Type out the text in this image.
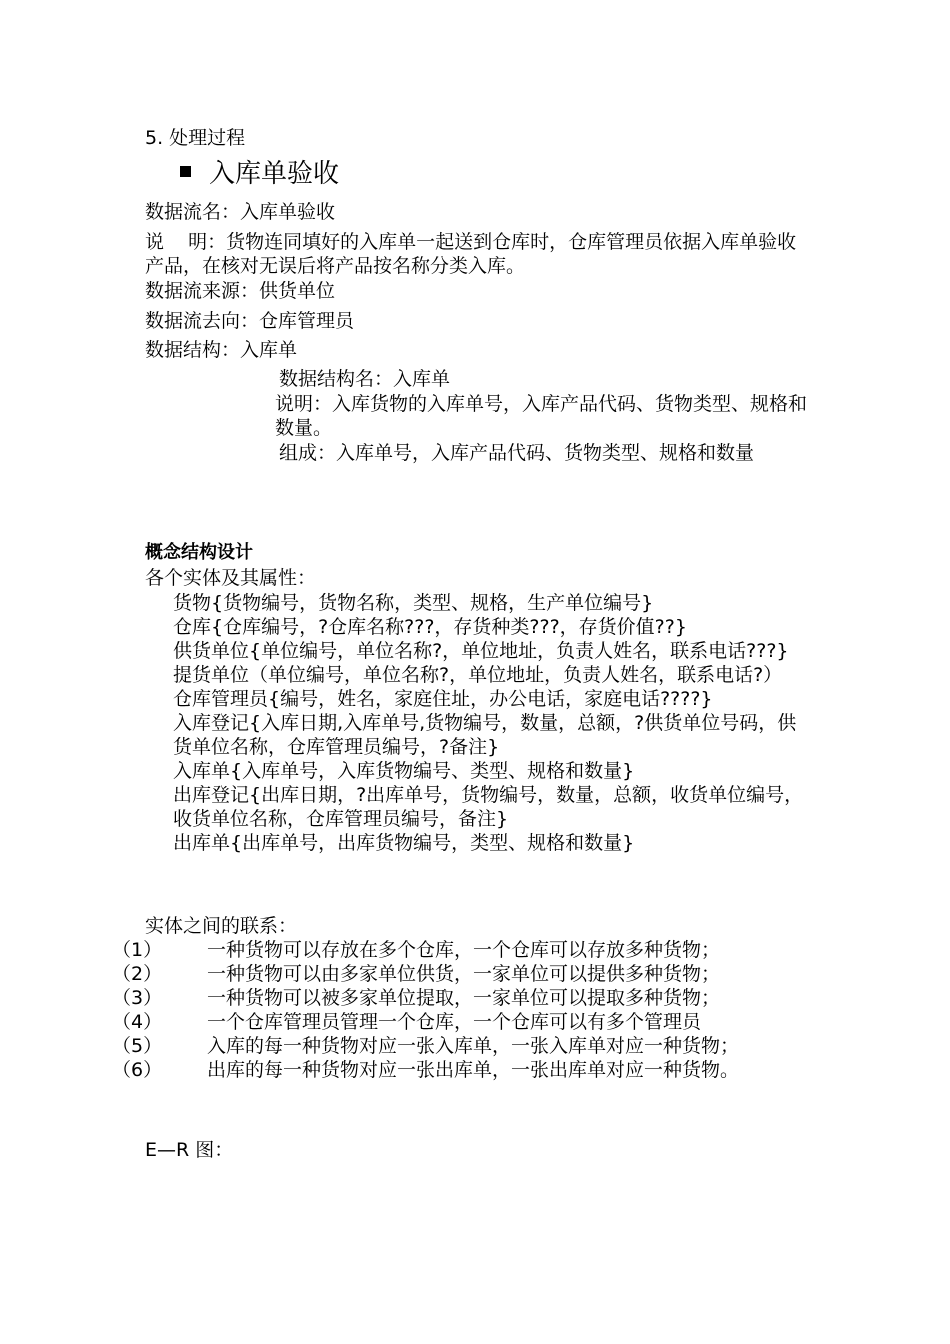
5. 处理过程
入库单验收
数据流名：入库单验收
说    明：货物连同填好的入库单一起送到仓库时，仓库管理员依据入库单验收产品，在核对无误后将产品按名称分类入库。
数据流来源：供货单位
数据流去向：仓库管理员
数据结构：入库单
数据结构名：入库单
说明：入库货物的入库单号，入库产品代码、货物类型、规格和数量。
组成：入库单号，入库产品代码、货物类型、规格和数量
概念结构设计
各个实体及其属性：
货物{货物编号，货物名称，类型、规格，生产单位编号}
仓库{仓库编号，?仓库名称???，存货种类???，存货价值??}
供货单位{单位编号，单位名称?，单位地址，负责人姓名，联系电话???}
提货单位（单位编号，单位名称?，单位地址，负责人姓名，联系电话?）
仓库管理员{编号，姓名，家庭住址，办公电话，家庭电话????}
入库登记{入库日期,入库单号,货物编号，数量，总额，?供货单位号码，供货单位名称，仓库管理员编号，?备注}
入库单{入库单号，入库货物编号、类型、规格和数量}
出库登记{出库日期，?出库单号，货物编号，数量，总额，收货单位编号，收货单位名称，仓库管理员编号，备注}
出库单{出库单号，出库货物编号，类型、规格和数量}
实体之间的联系：
（1） 一种货物可以存放在多个仓库，一个仓库可以存放多种货物；
（2） 一种货物可以由多家单位供货，一家单位可以提供多种货物；
（3） 一种货物可以被多家单位提取，一家单位可以提取多种货物；
（4） 一个仓库管理员管理一个仓库，一个仓库可以有多个管理员
（5） 入库的每一种货物对应一张入库单，一张入库单对应一种货物；
（6） 出库的每一种货物对应一张出库单，一张出库单对应一种货物。
E—R 图：
